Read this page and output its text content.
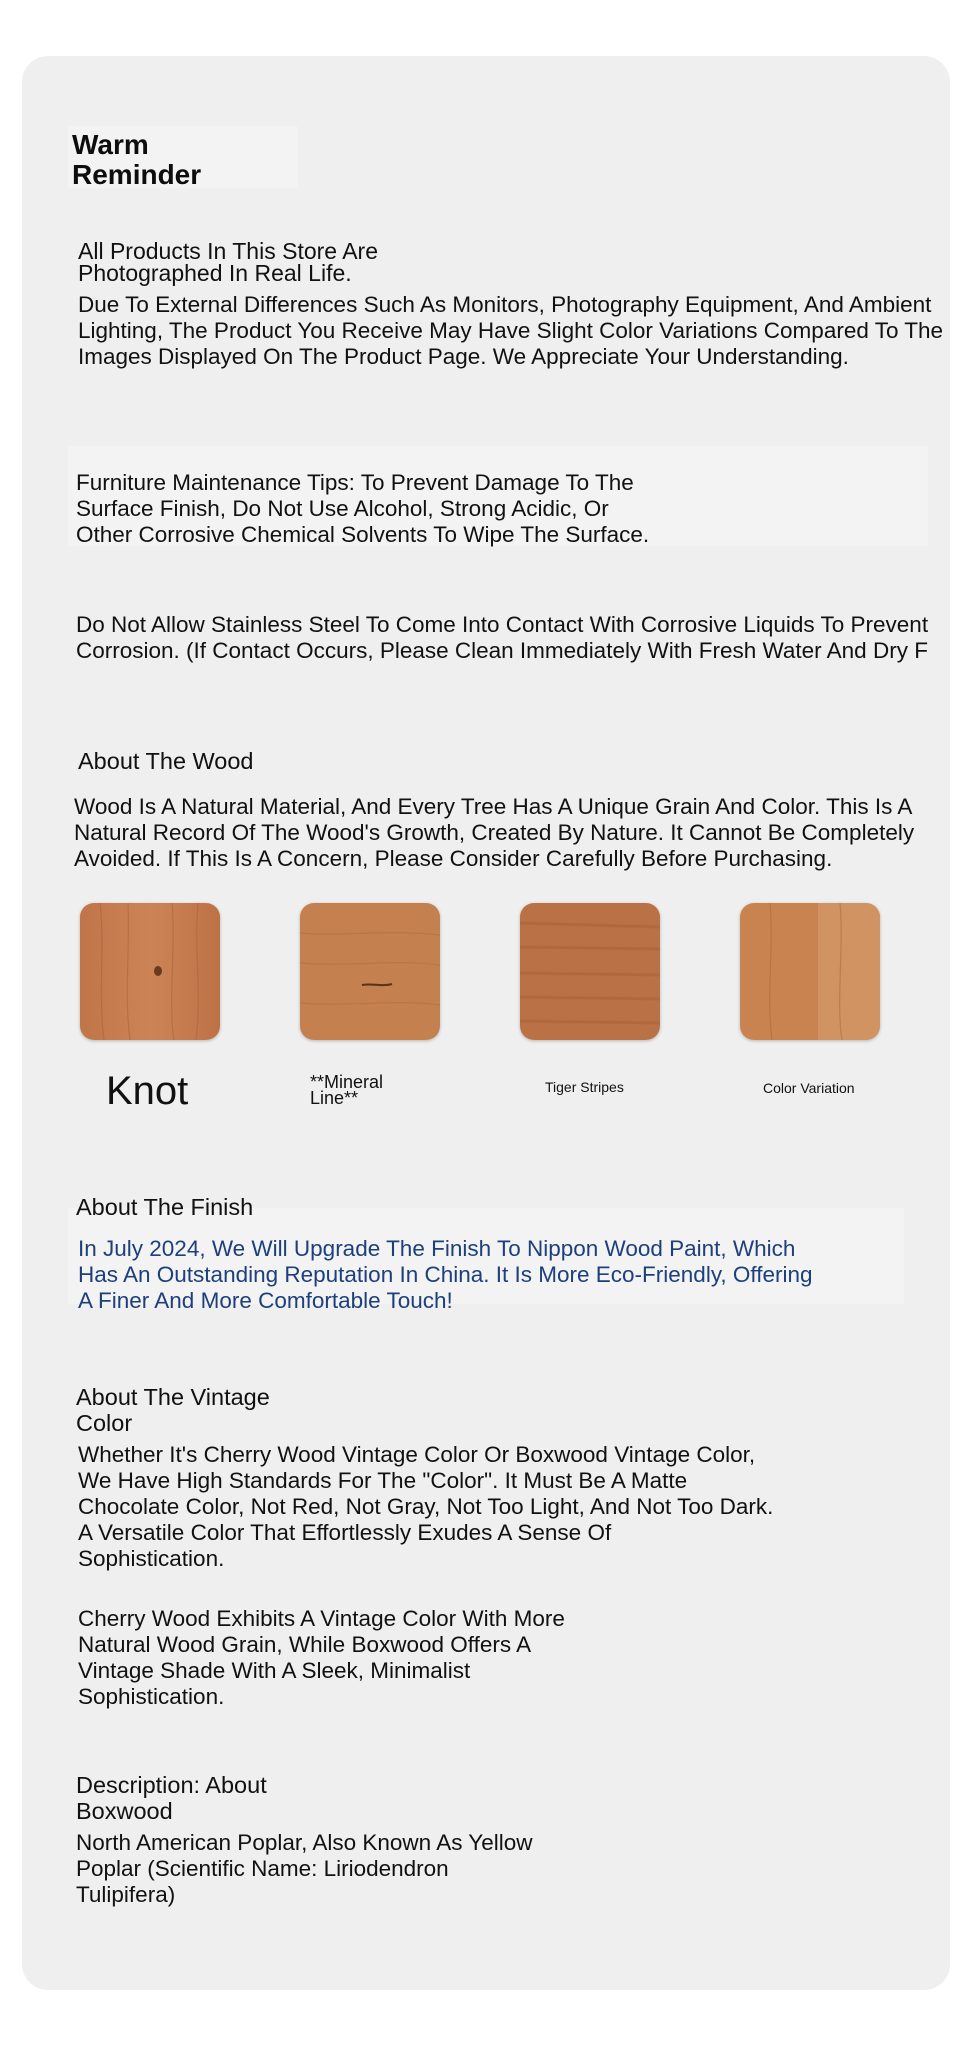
Warm
Reminder
All Products In This Store Are
Photographed In Real Life.
Due To External Differences Such As Monitors, Photography Equipment, And Ambient
Lighting, The Product You Receive May Have Slight Color Variations Compared To The
Images Displayed On The Product Page. We Appreciate Your Understanding.
Furniture Maintenance Tips: To Prevent Damage To The
Surface Finish, Do Not Use Alcohol, Strong Acidic, Or
Other Corrosive Chemical Solvents To Wipe The Surface.
Do Not Allow Stainless Steel To Come Into Contact With Corrosive Liquids To Prevent
Corrosion. (If Contact Occurs, Please Clean Immediately With Fresh Water And Dry F
About The Wood
Wood Is A Natural Material, And Every Tree Has A Unique Grain And Color. This Is A
Natural Record Of The Wood's Growth, Created By Nature. It Cannot Be Completely
Avoided. If This Is A Concern, Please Consider Carefully Before Purchasing.
Knot	**Mineral
Line**
Tiger Stripes	Color Variation
About The Finish
In July 2024, We Will Upgrade The Finish To Nippon Wood Paint, Which
Has An Outstanding Reputation In China. It Is More Eco-Friendly, Offering
A Finer And More Comfortable Touch!
About The Vintage
Color
Whether It's Cherry Wood Vintage Color Or Boxwood Vintage Color,
We Have High Standards For The "Color". It Must Be A Matte
Chocolate Color, Not Red, Not Gray, Not Too Light, And Not Too Dark.
A Versatile Color That Effortlessly Exudes A Sense Of
Sophistication.
Cherry Wood Exhibits A Vintage Color With More
Natural Wood Grain, While Boxwood Offers A
Vintage Shade With A Sleek, Minimalist
Sophistication.
Description: About
Boxwood
North American Poplar, Also Known As Yellow
Poplar (Scientific Name: Liriodendron
Tulipifera)
